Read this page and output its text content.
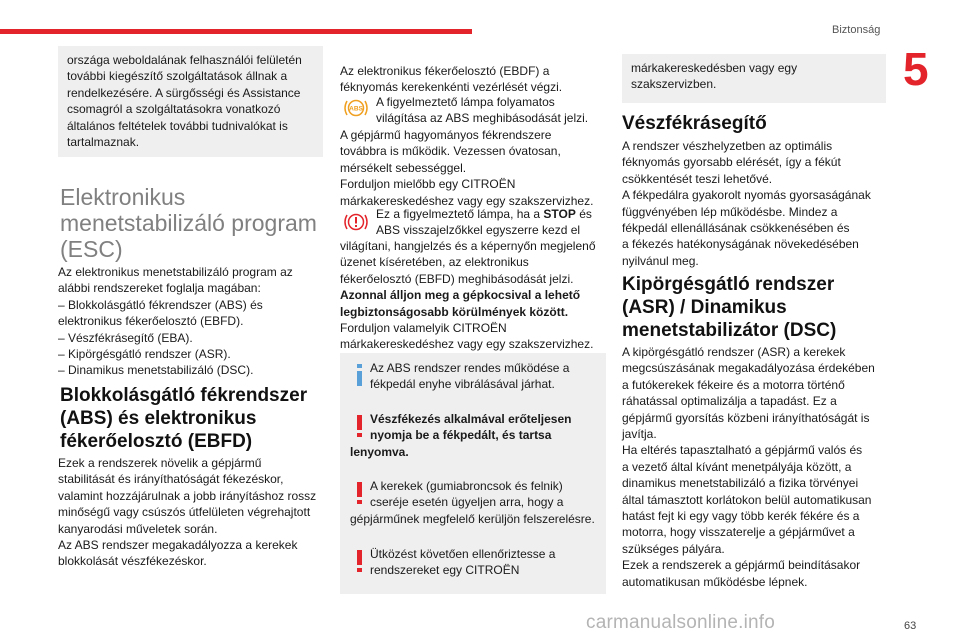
Biztonság
5
63
carmanualsonline.info

országa weboldalának felhasználói felületén további kiegészítő szolgáltatások állnak a rendelkezésére. A sürgősségi és Assistance csomagról a szolgáltatásokra vonatkozó általános feltételek további tudnivalókat is tartalmaznak.

Elektronikus
menetstabilizáló program
(ESC)
Az elektronikus menetstabilizáló program az
alábbi rendszereket foglalja magában:
– Blokkolásgátló fékrendszer (ABS) és
elektronikus fékerőelosztó (EBFD).
– Vészfékrásegítő (EBA).
– Kipörgésgátló rendszer (ASR).
– Dinamikus menetstabilizáló (DSC).
Blokkolásgátló fékrendszer
(ABS) és elektronikus
fékerőelosztó (EBFD)
Ezek a rendszerek növelik a gépjármű
stabilitását és irányíthatóságát fékezéskor,
valamint hozzájárulnak a jobb irányításhoz rossz
minőségű vagy csúszós útfelületen végrehajtott
kanyarodási műveletek során.
Az ABS rendszer megakadályozza a kerekek
blokkolását vészfékezéskor.
Az elektronikus fékerőelosztó (EBDF) a
féknyomás kerekenkénti vezérlését végzi.
ABS A figyelmeztető lámpa folyamatos
világítása az ABS meghibásodását jelzi.
A gépjármű hagyományos fékrendszere
továbbra is működik. Vezessen óvatosan,
mérsékelt sebességgel.
Forduljon mielőbb egy CITROËN
márkakereskedéshez vagy egy szakszervizhez.
Ez a figyelmeztető lámpa, ha a STOP és
ABS visszajelzőkkel egyszerre kezd el
világítani, hangjelzés és a képernyőn megjelenő
üzenet kíséretében, az elektronikus
fékerőelosztó (EBFD) meghibásodását jelzi.
Azonnal álljon meg a gépkocsival a lehető
legbiztonságosabb körülmények között.
Forduljon valamelyik CITROËN
márkakereskedéshez vagy egy szakszervizhez.

Az ABS rendszer rendes működése a
fékpedál enyhe vibrálásával járhat.

Vészfékezés alkalmával erőteljesen
nyomja be a fékpedált, és tartsa
lenyomva.

A kerekek (gumiabroncsok és felnik)
cseréje esetén ügyeljen arra, hogy a
gépjárműnek megfelelő kerüljön felszerelésre.

Ütközést követően ellenőriztesse a
rendszereket egy CITROËN

márkakereskedésben vagy egy
szakszervizben.

Vészfékrásegítő
A rendszer vészhelyzetben az optimális
féknyomás gyorsabb elérését, így a fékút
csökkentését teszi lehetővé.
A fékpedálra gyakorolt nyomás gyorsaságának
függvényében lép működésbe. Mindez a
fékpedál ellenállásának csökkenésében és
a fékezés hatékonyságának növekedésében
nyilvánul meg.
Kipörgésgátló rendszer
(ASR) / Dinamikus
menetstabilizátor (DSC)
A kipörgésgátló rendszer (ASR) a kerekek
megcsúszásának megakadályozása érdekében
a futókerekek fékeire és a motorra történő
ráhatással optimalizálja a tapadást. Ez a
gépjármű gyorsítás közbeni irányíthatóságát is
javítja.
Ha eltérés tapasztalható a gépjármű valós és
a vezető által kívánt menetpályája között, a
dinamikus menetstabilizáló a fizika törvényei
által támasztott korlátokon belül automatikusan
hatást fejt ki egy vagy több kerék fékére és a
motorra, hogy visszaterelje a gépjárművet a
szükséges pályára.
Ezek a rendszerek a gépjármű beindításakor
automatikusan működésbe lépnek.
